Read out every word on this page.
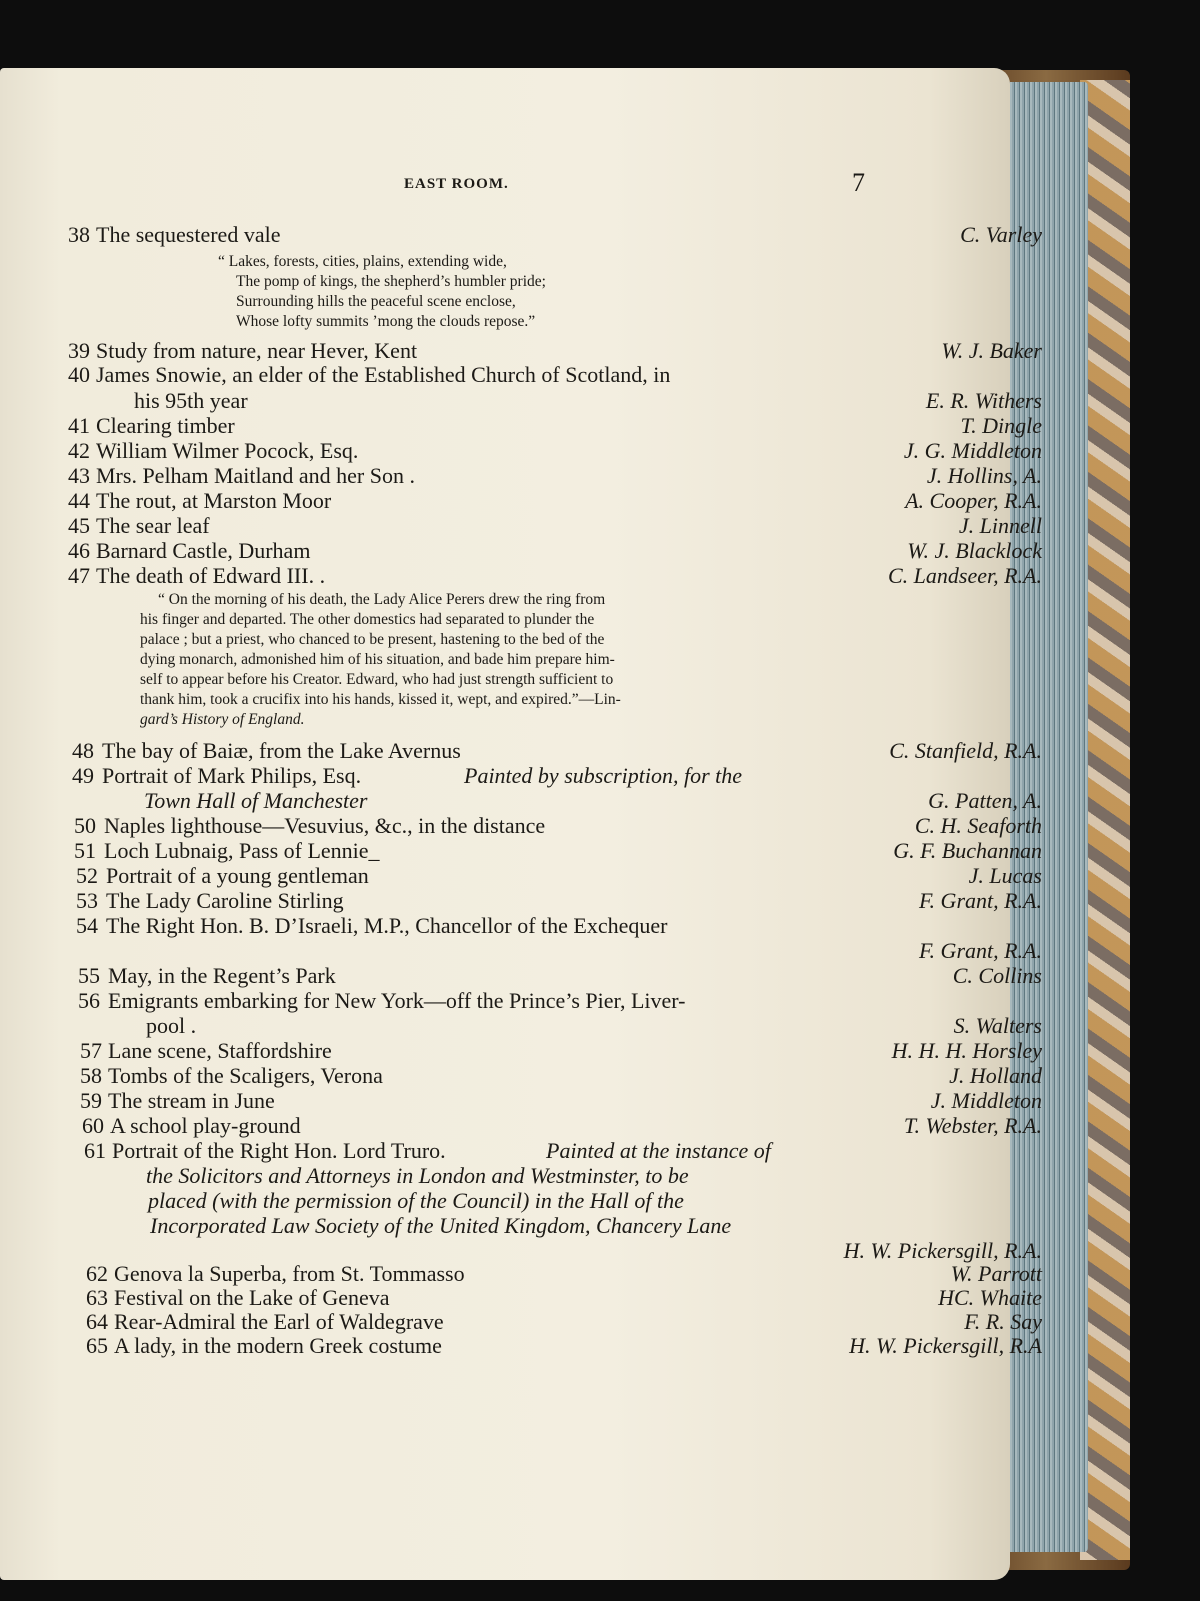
EAST ROOM.	7
38 The sequestered vale	C. Varley
39 Study from nature, near Hever, Kent	W. J. Baker
40 James Snowie, an elder of the Established Church of Scotland, in
his 95th year	E. R. Withers
41 Clearing timber	T. Dingle
42 William Wilmer Pocock, Esq.	J. G. Middleton
43 Mrs. Pelham Maitland and her Son .	J. Hollins, A.
44 The rout, at Marston Moor	A. Cooper, R.A.
45 The sear leaf	J. Linnell
46 Barnard Castle, Durham	W. J. Blacklock
47 The death of Edward III. .	C. Landseer, R.A.
48 The bay of Baiæ, from the Lake Avernus	C. Stanfield, R.A.
49 Portrait of Mark Philips, Esq.	Painted by subscription, for the
Town Hall of Manchester	G. Patten, A.
50 Naples lighthouse—Vesuvius, &c., in the distance	C. H. Seaforth
51 Loch Lubnaig, Pass of Lennie_	G. F. Buchannan
52 Portrait of a young gentleman	J. Lucas
53 The Lady Caroline Stirling	F. Grant, R.A.
54 The Right Hon. B. D’Israeli, M.P., Chancellor of the Exchequer
F. Grant, R.A.
55 May, in the Regent’s Park	C. Collins
56 Emigrants embarking for New York—off the Prince’s Pier, Liver-
pool .	S. Walters
57 Lane scene, Staffordshire	H. H. H. Horsley
58 Tombs of the Scaligers, Verona	J. Holland
59 The stream in June	J. Middleton
60 A school play-ground	T. Webster, R.A.
61 Portrait of the Right Hon. Lord Truro.	Painted at the instance of
the Solicitors and Attorneys in London and Westminster, to be
placed (with the permission of the Council) in the Hall of the
Incorporated Law Society of the United Kingdom, Chancery Lane
H. W. Pickersgill, R.A.
62 Genova la Superba, from St. Tommasso	W. Parrott
63 Festival on the Lake of Geneva	HC. Whaite
64 Rear-Admiral the Earl of Waldegrave	F. R. Say
65 A lady, in the modern Greek costume	H. W. Pickersgill, R.A
“ Lakes, forests, cities, plains, extending wide,
The pomp of kings, the shepherd’s humbler pride;
Surrounding hills the peaceful scene enclose,
Whose lofty summits ’mong the clouds repose.”
“ On the morning of his death, the Lady Alice Perers drew the ring from
his finger and departed. The other domestics had separated to plunder the
palace ; but a priest, who chanced to be present, hastening to the bed of the
dying monarch, admonished him of his situation, and bade him prepare him-
self to appear before his Creator. Edward, who had just strength sufficient to
thank him, took a crucifix into his hands, kissed it, wept, and expired.”—Lin-
gard’s History of England.
